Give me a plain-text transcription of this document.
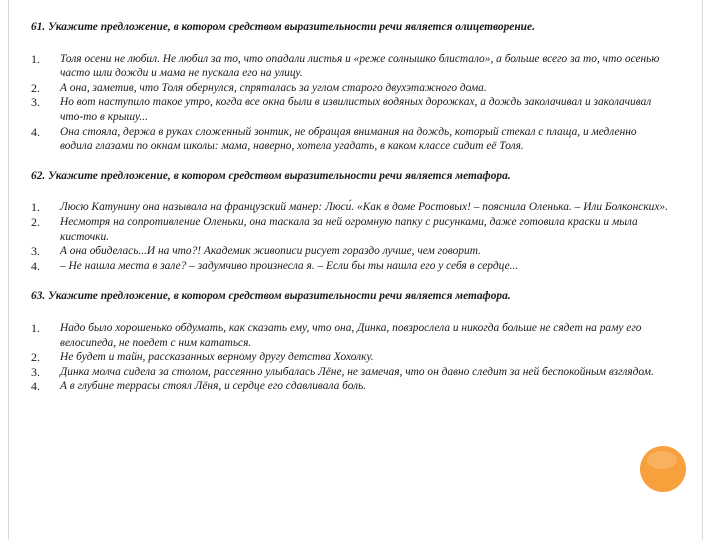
61. Укажите предложение, в котором средством выразительности речи является олицетворение.
1.	Толя осени не любил. Не любил за то, что опадали листья и «реже солнышко блистало», а больше всего за то, что осенью часто шли дожди и мама не пускала его на улицу.
2.	А она, заметив, что Толя обернулся, спряталась за углом старого двухэтажного дома.
3.	Но вот наступило такое утро, когда все окна были в извилистых водяных дорожках, а дождь заколачивал и заколачивал что-то в крышу...
4.	Она стояла, держа в руках сложенный зонтик, не обращая внимания на дождь, который стекал с плаща, и медленно водила глазами по окнам школы: мама, наверно, хотела угадать, в каком классе сидит её Толя.
62. Укажите предложение, в котором средством выразительности речи является метафора.
1.	Люсю Катунину она называла на французский манер: Люси́. «Как в доме Ростовых! – пояснила Оленька. – Или Болконских».
2.	Несмотря на сопротивление Оленьки, она таскала за ней огромную папку с рисунками, даже готовила краски и мыла кисточки.
3.	А она обиделась...И на что?! Академик живописи рисует гораздо лучше, чем говорит.
4.	– Не нашла места в зале? – задумчиво произнесла я. – Если бы ты нашла его у себя в сердце...
63. Укажите предложение, в котором средством выразительности речи является метафора.
1.	Надо было хорошенько обдумать, как сказать ему, что она, Динка, повзрослела и никогда больше не сядет на раму его велосипеда, не поедет с ним кататься.
2.	Не будет и тайн, рассказанных верному другу детства Хохолку.
3.	Динка молча сидела за столом, рассеянно улыбалась Лёне, не замечая, что он давно следит за ней беспокойным взглядом.
4.	А в глубине террасы стоял Лёня, и сердце его сдавливала боль.
